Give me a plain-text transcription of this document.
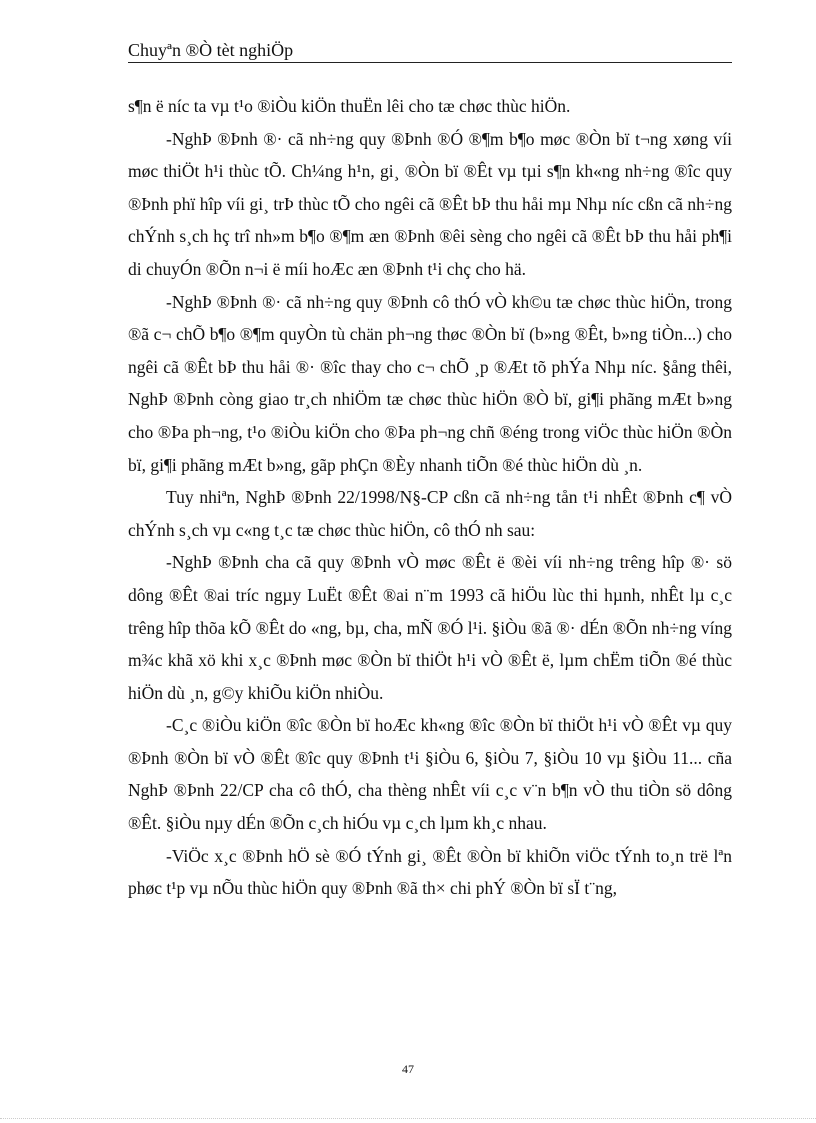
Chuyªn ®Ò tèt nghiÖp

s¶n ë níc ta vµ t¹o ®iÒu kiÖn thuËn lêi cho tæ chøc thùc hiÖn.

-NghÞ ®Þnh ®· cã nh÷ng quy ®Þnh ®Ó ®¶m b¶o møc ®Òn bï t¬ng xøng víi møc thiÖt h¹i thùc tÕ. Ch¼ng h¹n, gi¸ ®Òn bï ®Êt vµ tµi s¶n kh«ng nh÷ng ®îc quy ®Þnh phï hîp víi gi¸ trÞ thùc tÕ cho ngêi cã ®Êt bÞ thu håi mµ Nhµ níc cßn cã nh÷ng chÝnh s¸ch hç trî nh»m b¶o ®¶m æn ®Þnh ®êi sèng cho ngêi cã ®Êt bÞ thu håi ph¶i di chuyÓn ®Õn n¬i ë míi hoÆc æn ®Þnh t¹i chç cho hä.

-NghÞ ®Þnh ®· cã nh÷ng quy ®Þnh cô thÓ vÒ kh©u tæ chøc thùc hiÖn, trong ®ã c¬ chÕ b¶o ®¶m quyÒn tù chän ph¬ng thøc ®Òn bï (b»ng ®Êt, b»ng tiÒn...) cho ngêi cã ®Êt bÞ thu håi ®· ®îc thay cho c¬ chÕ ¸p ®Æt tõ phÝa Nhµ níc. §ång thêi, NghÞ ®Þnh còng giao tr¸ch nhiÖm tæ chøc thùc hiÖn ®Ò bï, gi¶i phãng mÆt b»ng cho ®Þa ph¬ng, t¹o ®iÒu kiÖn cho ®Þa ph¬ng chñ ®éng trong viÖc thùc hiÖn ®Òn bï, gi¶i phãng mÆt b»ng, gãp phÇn ®Èy nhanh tiÕn ®é thùc hiÖn dù ¸n.

Tuy nhiªn, NghÞ ®Þnh 22/1998/N§-CP cßn cã nh÷ng tån t¹i nhÊt ®Þnh c¶ vÒ chÝnh s¸ch vµ c«ng t¸c tæ chøc thùc hiÖn, cô thÓ nh sau:

-NghÞ ®Þnh cha cã quy ®Þnh vÒ møc ®Êt ë ®èi víi nh÷ng trêng hîp ®· sö dông ®Êt ®ai tríc ngµy LuËt ®Êt ®ai n¨m 1993 cã hiÖu lùc thi hµnh, nhÊt lµ c¸c trêng hîp thõa kÕ ®Êt do «ng, bµ, cha, mÑ ®Ó l¹i. §iÒu ®ã ®· dÉn ®Õn nh÷ng víng m¾c khã xö khi x¸c ®Þnh møc ®Òn bï thiÖt h¹i vÒ ®Êt ë, lµm chËm tiÕn ®é thùc hiÖn dù ¸n, g©y khiÕu kiÖn nhiÒu.

-C¸c ®iÒu kiÖn ®îc ®Òn bï hoÆc kh«ng ®îc ®Òn bï thiÖt h¹i vÒ ®Êt vµ quy ®Þnh ®Òn bï vÒ ®Êt ®îc quy ®Þnh t¹i §iÒu 6, §iÒu 7, §iÒu 10 vµ §iÒu 11... cña NghÞ ®Þnh 22/CP cha cô thÓ, cha thèng nhÊt víi c¸c v¨n b¶n vÒ thu tiÒn sö dông ®Êt. §iÒu nµy dÉn ®Õn c¸ch hiÓu vµ c¸ch lµm kh¸c nhau.

-ViÖc x¸c ®Þnh hÖ sè ®Ó tÝnh gi¸ ®Êt ®Òn bï khiÕn viÖc tÝnh to¸n trë lªn phøc t¹p vµ nÕu thùc hiÖn quy ®Þnh ®ã th× chi phÝ ®Òn bï sÏ t¨ng,

47
